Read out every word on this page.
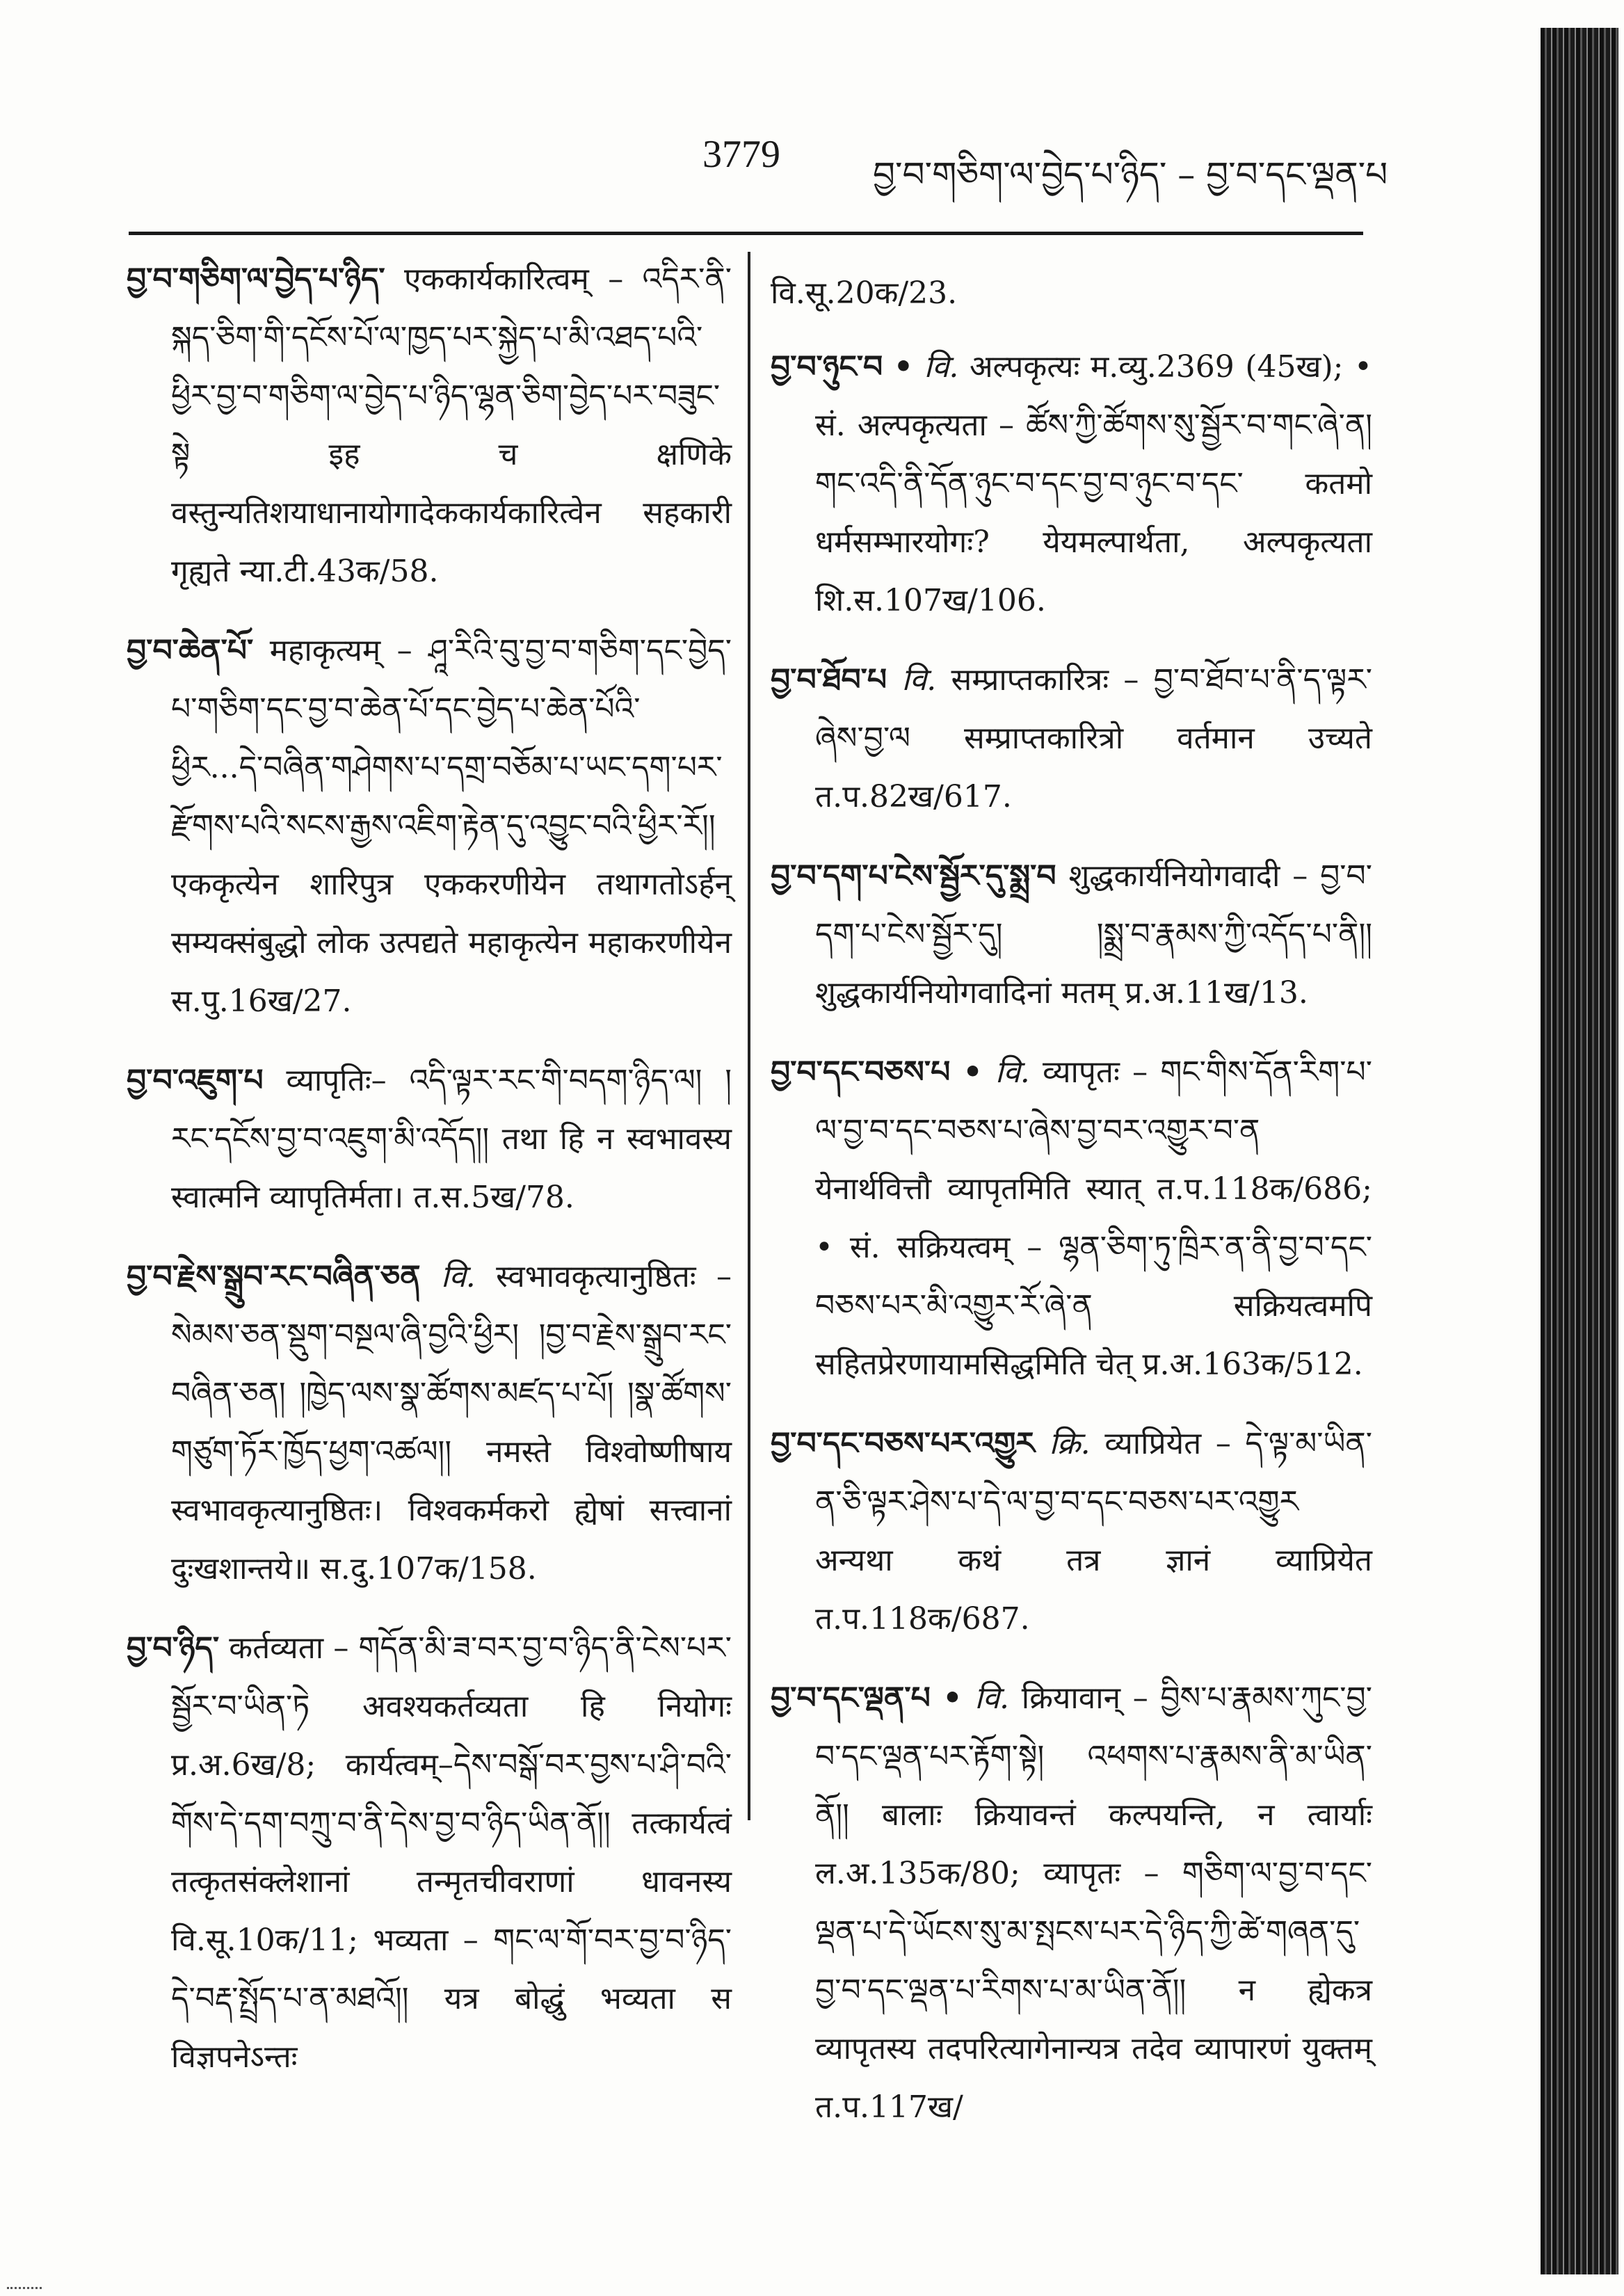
3779	བྱ་བ་གཅིག་ལ་བྱེད་པ་ཉིད་ – བྱ་བ་དང་ལྡན་པ

བྱ་བ་གཅིག་ལ་བྱེད་པ་ཉིད་ एककार्यकारित्वम् – འདིར་ནི་སྐད་ཅིག་གི་དངོས་པོ་ལ་ཁྱད་པར་སྐྱེད་པ་མི་འཐད་པའི་ཕྱིར་བྱ་བ་གཅིག་ལ་བྱེད་པ་ཉིད་ལྷན་ཅིག་བྱེད་པར་བཟུང་སྟེ इह च क्षणिके वस्तुन्यतिशयाधानायोगादेककार्यकारित्वेन सहकारी गृह्यते न्या.टी.43क/58.

བྱ་བ་ཆེན་པོ་ महाकृत्यम् – ཤཱ་རིའི་བུ་བྱ་བ་གཅིག་དང་བྱེད་པ་གཅིག་དང་བྱ་བ་ཆེན་པོ་དང་བྱེད་པ་ཆེན་པོའི་ཕྱིར...དེ་བཞིན་གཤེགས་པ་དགྲ་བཅོམ་པ་ཡང་དག་པར་རྫོགས་པའི་སངས་རྒྱས་འཇིག་རྟེན་དུ་འབྱུང་བའི་ཕྱིར་རོ།། एककृत्येन शारिपुत्र एककरणीयेन तथागतोऽर्हन् सम्यक्संबुद्धो लोक उत्पद्यते महाकृत्येन महाकरणीयेन स.पु.16ख/27.

བྱ་བ་འཇུག་པ व्यापृतिः– འདི་ལྟར་རང་གི་བདག་ཉིད་ལ། །རང་དངོས་བྱ་བ་འཇུག་མི་འདོད།། तथा हि न स्वभावस्य स्वात्मनि व्यापृतिर्मता। त.स.5ख/78.

བྱ་བ་རྗེས་སྒྲུབ་རང་བཞིན་ཅན वि. स्वभावकृत्यानुष्ठितः – སེམས་ཅན་སྡུག་བསྔལ་ཞི་བྱའི་ཕྱིར། །བྱ་བ་རྗེས་སྒྲུབ་རང་བཞིན་ཅན། །ཁྱེད་ལས་སྣ་ཚོགས་མཛད་པ་པོ། །སྣ་ཚོགས་གཙུག་ཏོར་ཁྱོད་ཕྱག་འཚལ།། नमस्ते विश्वोष्णीषाय स्वभावकृत्यानुष्ठितः। विश्वकर्मकरो ह्येषां सत्त्वानां दुःखशान्तये॥ स.दु.107क/158.

བྱ་བ་ཉིད་ कर्तव्यता – གདོན་མི་ཟ་བར་བྱ་བ་ཉིད་ནི་ངེས་པར་སྦྱོར་བ་ཡིན་ཏེ अवश्यकर्तव्यता हि नियोगः प्र.अ.6ख/8; कार्यत्वम्–དེས་བསྒོ་བར་བྱས་པ་ཤི་བའི་གོས་དེ་དག་བཀྲུ་བ་ནི་དེས་བྱ་བ་ཉིད་ཡིན་ནོ།། तत्कार्यत्वं तत्कृतसंक्लेशानां तन्मृतचीवराणां धावनस्य वि.सू.10क/11; भव्यता – གང་ལ་གོ་བར་བྱ་བ་ཉིད་དེ་བརྡ་སྤྲོད་པ་ན་མཐའོ།། यत्र बोद्धुं भव्यता स विज्ञपनेऽन्तः

वि.सू.20क/23.

བྱ་བ་ཉུང་བ • वि. अल्पकृत्यः म.व्यु.2369 (45ख); • सं. अल्पकृत्यता – ཚོས་ཀྱི་ཚོགས་སུ་སྦྱོར་བ་གང་ཞེ་ན། གང་འདི་ནི་དོན་ཉུང་བ་དང་བྱ་བ་ཉུང་བ་དང་ कतमो धर्मसम्भारयोगः? येयमल्पार्थता, अल्पकृत्यता शि.स.107ख/106.

བྱ་བ་ཐོབ་པ वि. सम्प्राप्तकारित्रः – བྱ་བ་ཐོབ་པ་ནི་ད་ལྟར་ཞེས་བྱ་ལ सम्प्राप्तकारित्रो वर्तमान उच्यते त.प.82ख/617.

བྱ་བ་དག་པ་ངེས་སྦྱོར་དུ་སྨྲ་བ शुद्धकार्यनियोगवादी – བྱ་བ་དག་པ་ངེས་སྦྱོར་དུ། །སྨྲ་བ་རྣམས་ཀྱི་འདོད་པ་ནི།། शुद्धकार्यनियोगवादिनां मतम् प्र.अ.11ख/13.

བྱ་བ་དང་བཅས་པ • वि. व्यापृतः – གང་གིས་དོན་རིག་པ་ལ་བྱ་བ་དང་བཅས་པ་ཞེས་བྱ་བར་འགྱུར་བ་ན येनार्थवित्तौ व्यापृतमिति स्यात् त.प.118क/686; • सं. सक्रियत्वम् – ལྷན་ཅིག་ཏུ་ཁྲིར་ན་ནི་བྱ་བ་དང་བཅས་པར་མི་འགྱུར་རོ་ཞེ་ན सक्रियत्वमपि सहितप्रेरणायामसिद्धमिति चेत् प्र.अ.163क/512.

བྱ་བ་དང་བཅས་པར་འགྱུར क्रि. व्याप्रियेत – དེ་ལྟ་མ་ཡིན་ན་ཅི་ལྟར་ཤེས་པ་དེ་ལ་བྱ་བ་དང་བཅས་པར་འགྱུར अन्यथा कथं तत्र ज्ञानं व्याप्रियेत त.प.118क/687.

བྱ་བ་དང་ལྡན་པ • वि. क्रियावान् – བྱིས་པ་རྣམས་ཀུང་བྱ་བ་དང་ལྡན་པར་རྟོག་སྟེ། འཕགས་པ་རྣམས་ནི་མ་ཡིན་ནོ།། बालाः क्रियावन्तं कल्पयन्ति, न त्वार्याः ल.अ.135क/80; व्यापृतः – གཅིག་ལ་བྱ་བ་དང་ལྡན་པ་དེ་ཡོངས་སུ་མ་སྤངས་པར་དེ་ཉིད་ཀྱི་ཚེ་གཞན་དུ་བྱ་བ་དང་ལྡན་པ་རིགས་པ་མ་ཡིན་ནོ།། न ह्येकत्र व्यापृतस्य तदपरित्यागेनान्यत्र तदेव व्यापारणं युक्तम् त.प.117ख/
